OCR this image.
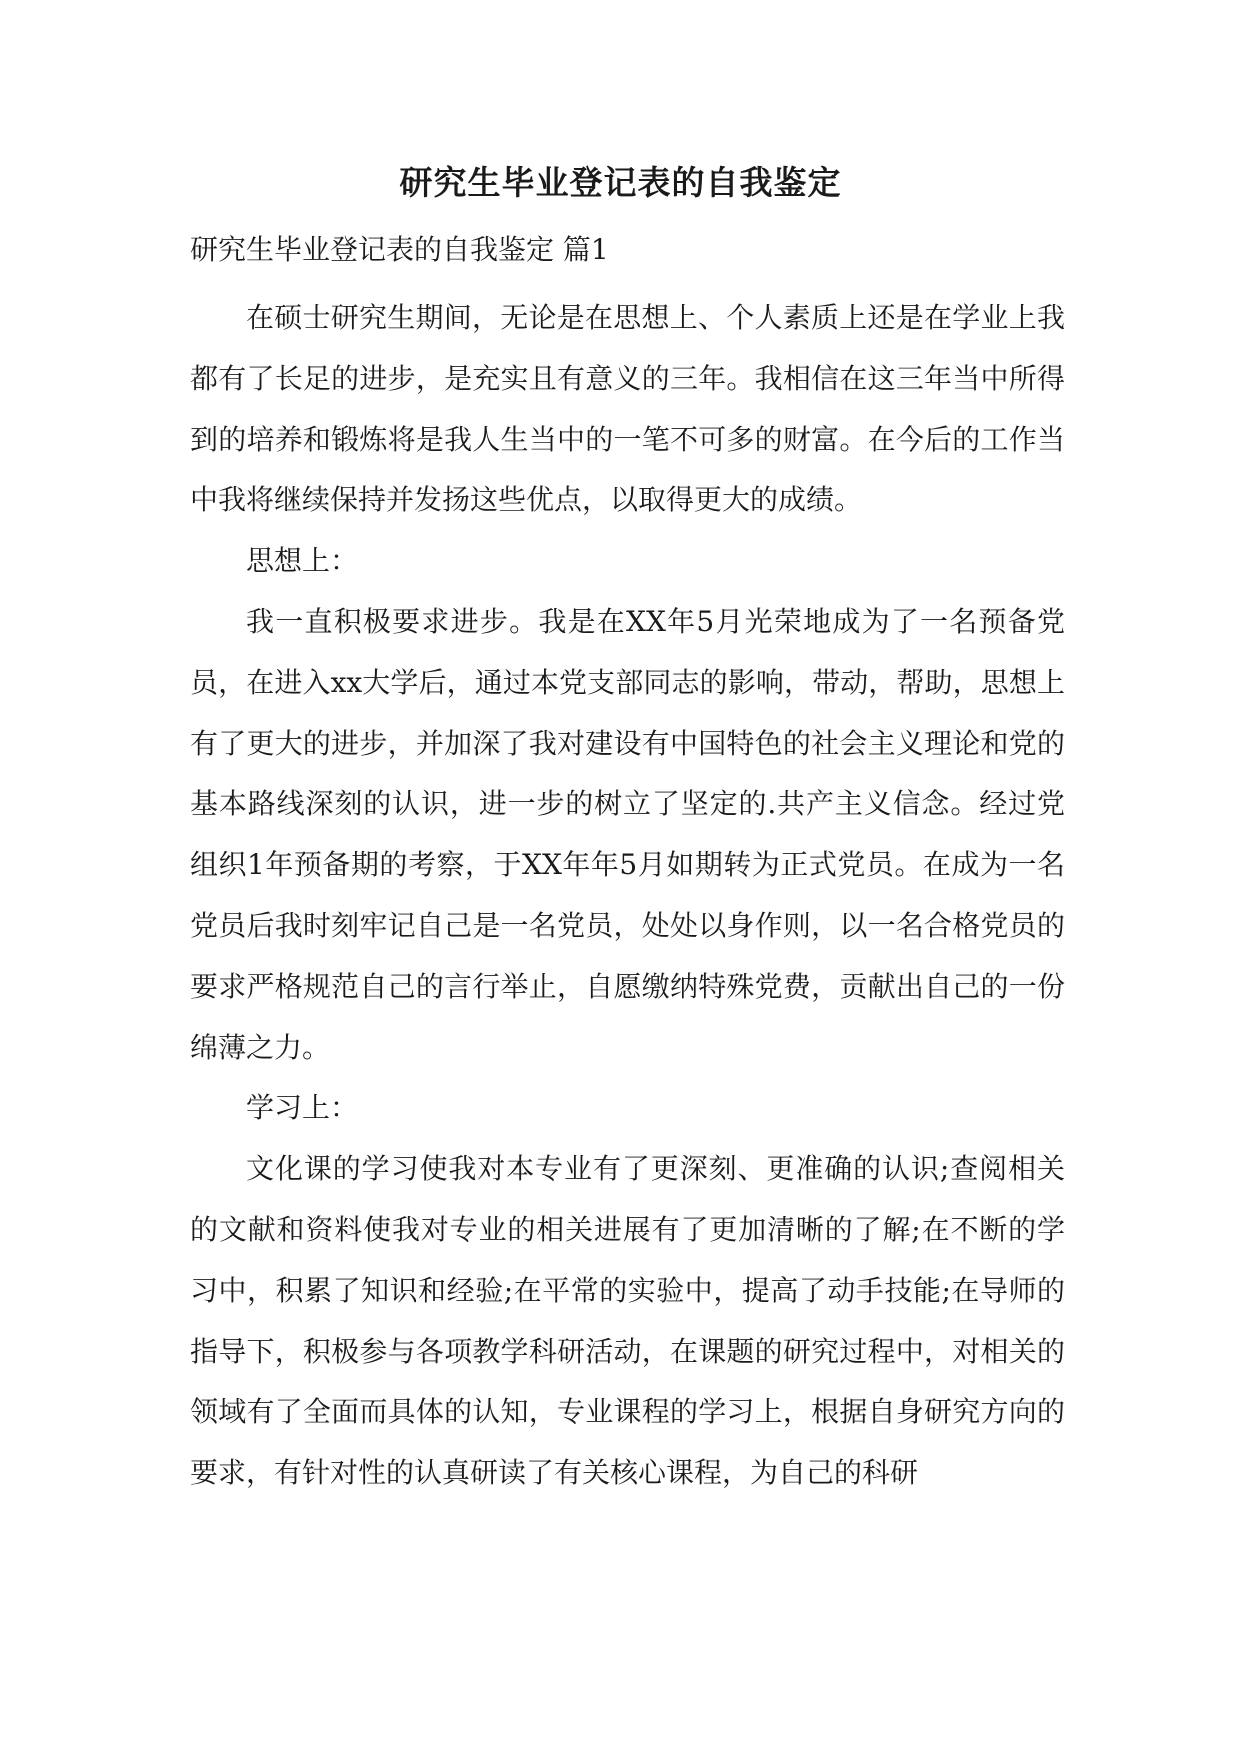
研究生毕业登记表的自我鉴定
研究生毕业登记表的自我鉴定 篇1

在硕士研究生期间，无论是在思想上、个人素质上还是在学业上我都有了长足的进步，是充实且有意义的三年。我相信在这三年当中所得到的培养和锻炼将是我人生当中的一笔不可多的财富。在今后的工作当中我将继续保持并发扬这些优点，以取得更大的成绩。

思想上：

我一直积极要求进步。我是在XX年5月光荣地成为了一名预备党员，在进入xx大学后，通过本党支部同志的影响，带动，帮助，思想上有了更大的进步，并加深了我对建设有中国特色的社会主义理论和党的基本路线深刻的认识，进一步的树立了坚定的.共产主义信念。经过党组织1年预备期的考察，于XX年年5月如期转为正式党员。在成为一名党员后我时刻牢记自己是一名党员，处处以身作则，以一名合格党员的要求严格规范自己的言行举止，自愿缴纳特殊党费，贡献出自己的一份绵薄之力。

学习上：

文化课的学习使我对本专业有了更深刻、更准确的认识;查阅相关的文献和资料使我对专业的相关进展有了更加清晰的了解;在不断的学习中，积累了知识和经验;在平常的实验中，提高了动手技能;在导师的指导下，积极参与各项教学科研活动，在课题的研究过程中，对相关的领域有了全面而具体的认知，专业课程的学习上，根据自身研究方向的要求，有针对性的认真研读了有关核心课程，为自己的科研
